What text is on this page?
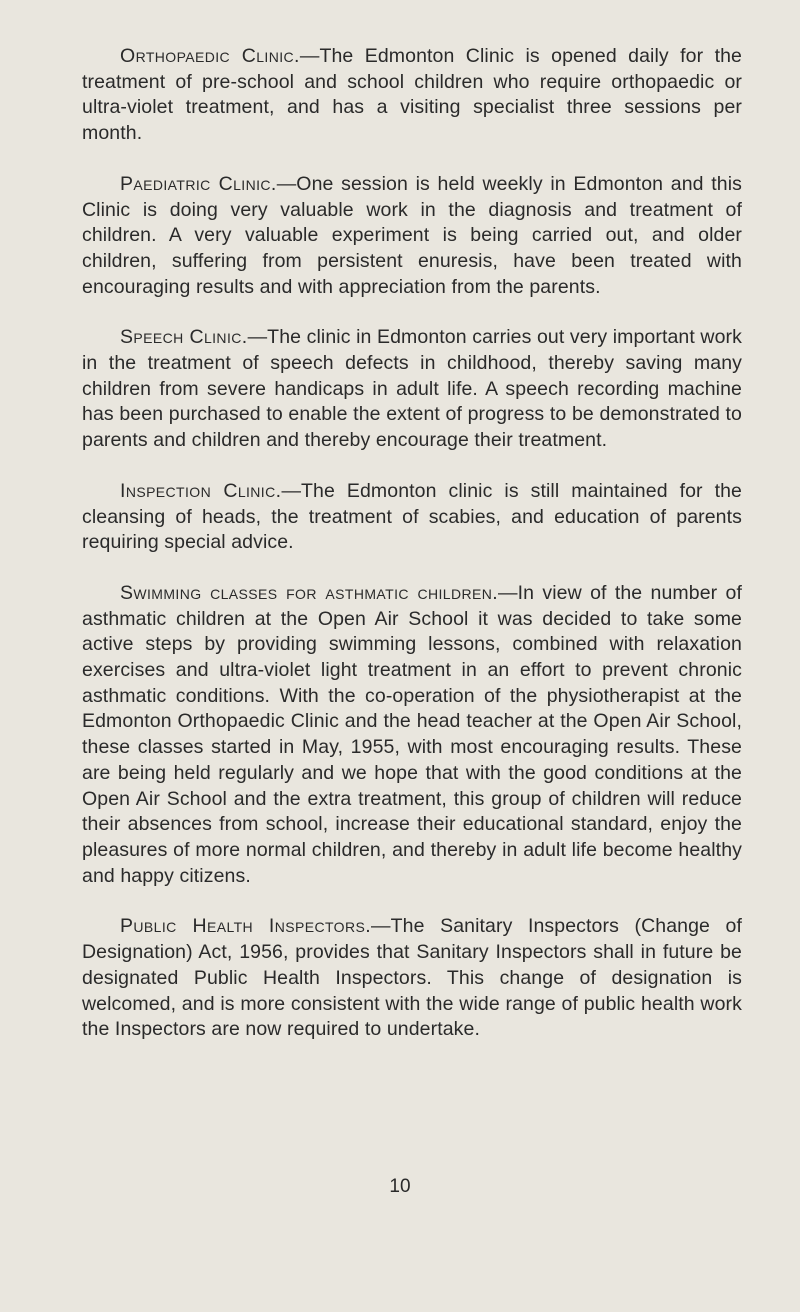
Orthopaedic Clinic.—The Edmonton Clinic is opened daily for the treatment of pre-school and school children who require orthopaedic or ultra-violet treatment, and has a visiting specialist three sessions per month.

Paediatric Clinic.—One session is held weekly in Edmonton and this Clinic is doing very valuable work in the diagnosis and treatment of children. A very valuable experiment is being carried out, and older children, suffering from persistent enuresis, have been treated with encouraging results and with appreciation from the parents.

Speech Clinic.—The clinic in Edmonton carries out very important work in the treatment of speech defects in childhood, thereby saving many children from severe handicaps in adult life. A speech recording machine has been purchased to enable the extent of progress to be demonstrated to parents and children and thereby encourage their treatment.

Inspection Clinic.—The Edmonton clinic is still maintained for the cleansing of heads, the treatment of scabies, and education of parents requiring special advice.

Swimming classes for asthmatic children.—In view of the number of asthmatic children at the Open Air School it was decided to take some active steps by providing swimming lessons, combined with relaxation exercises and ultra-violet light treatment in an effort to prevent chronic asthmatic conditions. With the co-operation of the physiotherapist at the Edmonton Orthopaedic Clinic and the head teacher at the Open Air School, these classes started in May, 1955, with most encouraging results. These are being held regularly and we hope that with the good conditions at the Open Air School and the extra treatment, this group of children will reduce their absences from school, increase their educational standard, enjoy the pleasures of more normal children, and thereby in adult life become healthy and happy citizens.

Public Health Inspectors.—The Sanitary Inspectors (Change of Designation) Act, 1956, provides that Sanitary Inspectors shall in future be designated Public Health Inspectors. This change of designation is welcomed, and is more consistent with the wide range of public health work the Inspectors are now required to undertake.

10
